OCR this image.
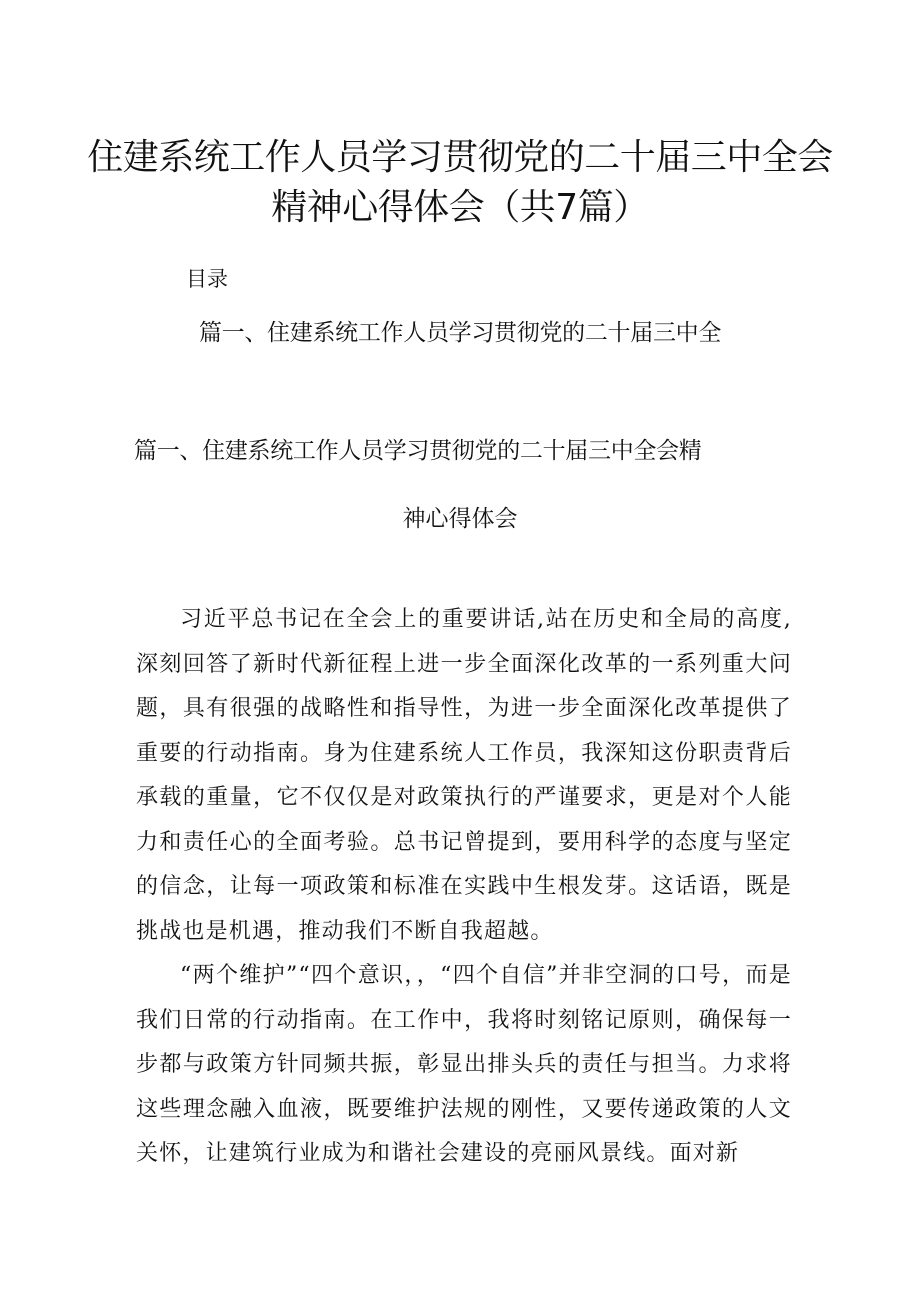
住建系统工作人员学习贯彻党的二十届三中全会精神心得体会（共7篇）
目录
篇一、住建系统工作人员学习贯彻党的二十届三中全
篇一、住建系统工作人员学习贯彻党的二十届三中全会精
神心得体会

习近平总书记在全会上的重要讲话,站在历史和全局的高度,深刻回答了新时代新征程上进一步全面深化改革的一系列重大问题，具有很强的战略性和指导性，为进一步全面深化改革提供了重要的行动指南。身为住建系统人工作员，我深知这份职责背后承载的重量，它不仅仅是对政策执行的严谨要求，更是对个人能力和责任心的全面考验。总书记曾提到，要用科学的态度与坚定的信念，让每一项政策和标准在实践中生根发芽。这话语，既是挑战也是机遇，推动我们不断自我超越。

“两个维护”“四个意识，，“四个自信”并非空洞的口号，而是我们日常的行动指南。在工作中，我将时刻铭记原则，确保每一步都与政策方针同频共振，彰显出排头兵的责任与担当。力求将这些理念融入血液，既要维护法规的刚性，又要传递政策的人文关怀，让建筑行业成为和谐社会建设的亮丽风景线。面对新
